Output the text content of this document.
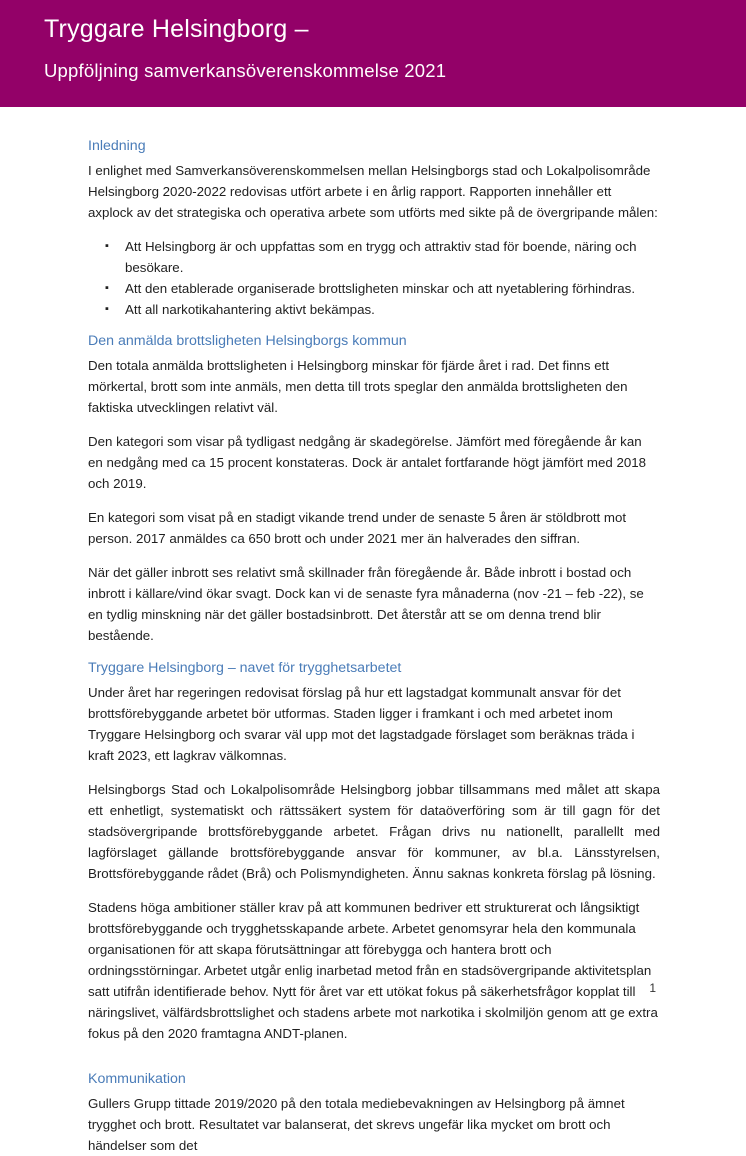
Tryggare Helsingborg –
Uppföljning samverkansöverenskommelse 2021
Inledning

I enlighet med Samverkansöverenskommelsen mellan Helsingborgs stad och Lokalpolisområde Helsingborg 2020-2022 redovisas utfört arbete i en årlig rapport. Rapporten innehåller ett axplock av det strategiska och operativa arbete som utförts med sikte på de övergripande målen:

▪ Att Helsingborg är och uppfattas som en trygg och attraktiv stad för boende, näring och besökare.
▪ Att den etablerade organiserade brottsligheten minskar och att nyetablering förhindras.
▪ Att all narkotikahantering aktivt bekämpas.
Den anmälda brottsligheten Helsingborgs kommun

Den totala anmälda brottsligheten i Helsingborg minskar för fjärde året i rad. Det finns ett mörkertal, brott som inte anmäls, men detta till trots speglar den anmälda brottsligheten den faktiska utvecklingen relativt väl.

Den kategori som visar på tydligast nedgång är skadegörelse. Jämfört med föregående år kan en nedgång med ca 15 procent konstateras. Dock är antalet fortfarande högt jämfört med 2018 och 2019.

En kategori som visat på en stadigt vikande trend under de senaste 5 åren är stöldbrott mot person. 2017 anmäldes ca 650 brott och under 2021 mer än halverades den siffran.

När det gäller inbrott ses relativt små skillnader från föregående år. Både inbrott i bostad och inbrott i källare/vind ökar svagt. Dock kan vi de senaste fyra månaderna (nov -21 – feb -22), se en tydlig minskning när det gäller bostadsinbrott. Det återstår att se om denna trend blir bestående.

Tryggare Helsingborg – navet för trygghetsarbetet

Under året har regeringen redovisat förslag på hur ett lagstadgat kommunalt ansvar för det brottsförebyggande arbetet bör utformas. Staden ligger i framkant i och med arbetet inom Tryggare Helsingborg och svarar väl upp mot det lagstadgade förslaget som beräknas träda i kraft 2023, ett lagkrav välkomnas.

Helsingborgs Stad och Lokalpolisområde Helsingborg jobbar tillsammans med målet att skapa ett enhetligt, systematiskt och rättssäkert system för dataöverföring som är till gagn för det stadsövergripande brottsförebyggande arbetet. Frågan drivs nu nationellt, parallellt med lagförslaget gällande brottsförebyggande ansvar för kommuner, av bl.a. Länsstyrelsen, Brottsförebyggande rådet (Brå) och Polismyndigheten. Ännu saknas konkreta förslag på lösning.

Stadens höga ambitioner ställer krav på att kommunen bedriver ett strukturerat och långsiktigt brottsförebyggande och trygghetsskapande arbete. Arbetet genomsyrar hela den kommunala organisationen för att skapa förutsättningar att förebygga och hantera brott och ordningsstörningar. Arbetet utgår enlig inarbetad metod från en stadsövergripande aktivitetsplan satt utifrån identifierade behov. Nytt för året var ett utökat fokus på säkerhetsfrågor kopplat till näringslivet, välfärdsbrottslighet och stadens arbete mot narkotika i skolmiljön genom att ge extra fokus på den 2020 framtagna ANDT-planen.

Kommunikation

Gullers Grupp tittade 2019/2020 på den totala mediebevakningen av Helsingborg på ämnet trygghet och brott. Resultatet var balanserat, det skrevs ungefär lika mycket om brott och händelser som det

1
